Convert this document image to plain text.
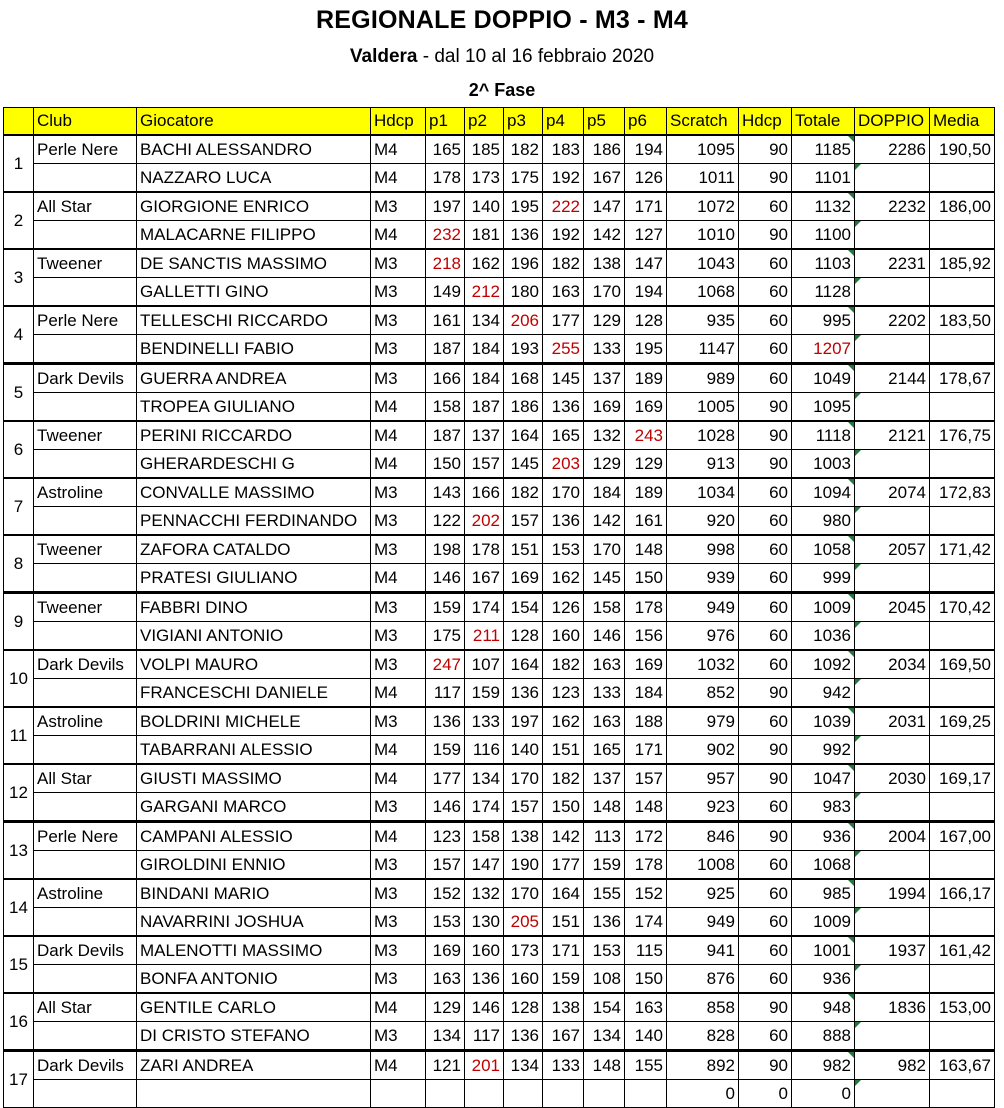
REGIONALE DOPPIO - M3 - M4
Valdera - dal 10 al 16 febbraio 2020
2^ Fase
	Club	Giocatore	Hdcp	p1	p2	p3	p4	p5	p6	Scratch	Hdcp	Totale	DOPPIO	Media
1	Perle Nere	BACHI ALESSANDRO	M4	165	185	182	183	186	194	1095	90	1185	2286	190,50
		NAZZARO LUCA	M4	178	173	175	192	167	126	1011	90	1101		
2	All Star	GIORGIONE ENRICO	M3	197	140	195	222	147	171	1072	60	1132	2232	186,00
		MALACARNE FILIPPO	M4	232	181	136	192	142	127	1010	90	1100		
3	Tweener	DE SANCTIS MASSIMO	M3	218	162	196	182	138	147	1043	60	1103	2231	185,92
		GALLETTI GINO	M3	149	212	180	163	170	194	1068	60	1128		
4	Perle Nere	TELLESCHI RICCARDO	M3	161	134	206	177	129	128	935	60	995	2202	183,50
		BENDINELLI FABIO	M3	187	184	193	255	133	195	1147	60	1207		
5	Dark Devils	GUERRA ANDREA	M3	166	184	168	145	137	189	989	60	1049	2144	178,67
		TROPEA GIULIANO	M4	158	187	186	136	169	169	1005	90	1095		
6	Tweener	PERINI RICCARDO	M4	187	137	164	165	132	243	1028	90	1118	2121	176,75
		GHERARDESCHI G	M4	150	157	145	203	129	129	913	90	1003		
7	Astroline	CONVALLE MASSIMO	M3	143	166	182	170	184	189	1034	60	1094	2074	172,83
		PENNACCHI FERDINANDO	M3	122	202	157	136	142	161	920	60	980		
8	Tweener	ZAFORA CATALDO	M3	198	178	151	153	170	148	998	60	1058	2057	171,42
		PRATESI GIULIANO	M4	146	167	169	162	145	150	939	60	999		
9	Tweener	FABBRI DINO	M3	159	174	154	126	158	178	949	60	1009	2045	170,42
		VIGIANI ANTONIO	M3	175	211	128	160	146	156	976	60	1036		
10	Dark Devils	VOLPI MAURO	M3	247	107	164	182	163	169	1032	60	1092	2034	169,50
		FRANCESCHI DANIELE	M4	117	159	136	123	133	184	852	90	942		
11	Astroline	BOLDRINI MICHELE	M3	136	133	197	162	163	188	979	60	1039	2031	169,25
		TABARRANI ALESSIO	M4	159	116	140	151	165	171	902	90	992		
12	All Star	GIUSTI MASSIMO	M4	177	134	170	182	137	157	957	90	1047	2030	169,17
		GARGANI MARCO	M3	146	174	157	150	148	148	923	60	983		
13	Perle Nere	CAMPANI ALESSIO	M4	123	158	138	142	113	172	846	90	936	2004	167,00
		GIROLDINI ENNIO	M3	157	147	190	177	159	178	1008	60	1068		
14	Astroline	BINDANI MARIO	M3	152	132	170	164	155	152	925	60	985	1994	166,17
		NAVARRINI JOSHUA	M3	153	130	205	151	136	174	949	60	1009		
15	Dark Devils	MALENOTTI MASSIMO	M3	169	160	173	171	153	115	941	60	1001	1937	161,42
		BONFA ANTONIO	M3	163	136	160	159	108	150	876	60	936		
16	All Star	GENTILE CARLO	M4	129	146	128	138	154	163	858	90	948	1836	153,00
		DI CRISTO STEFANO	M3	134	117	136	167	134	140	828	60	888		
17	Dark Devils	ZARI ANDREA	M4	121	201	134	133	148	155	892	90	982	982	163,67
										0	0	0		
